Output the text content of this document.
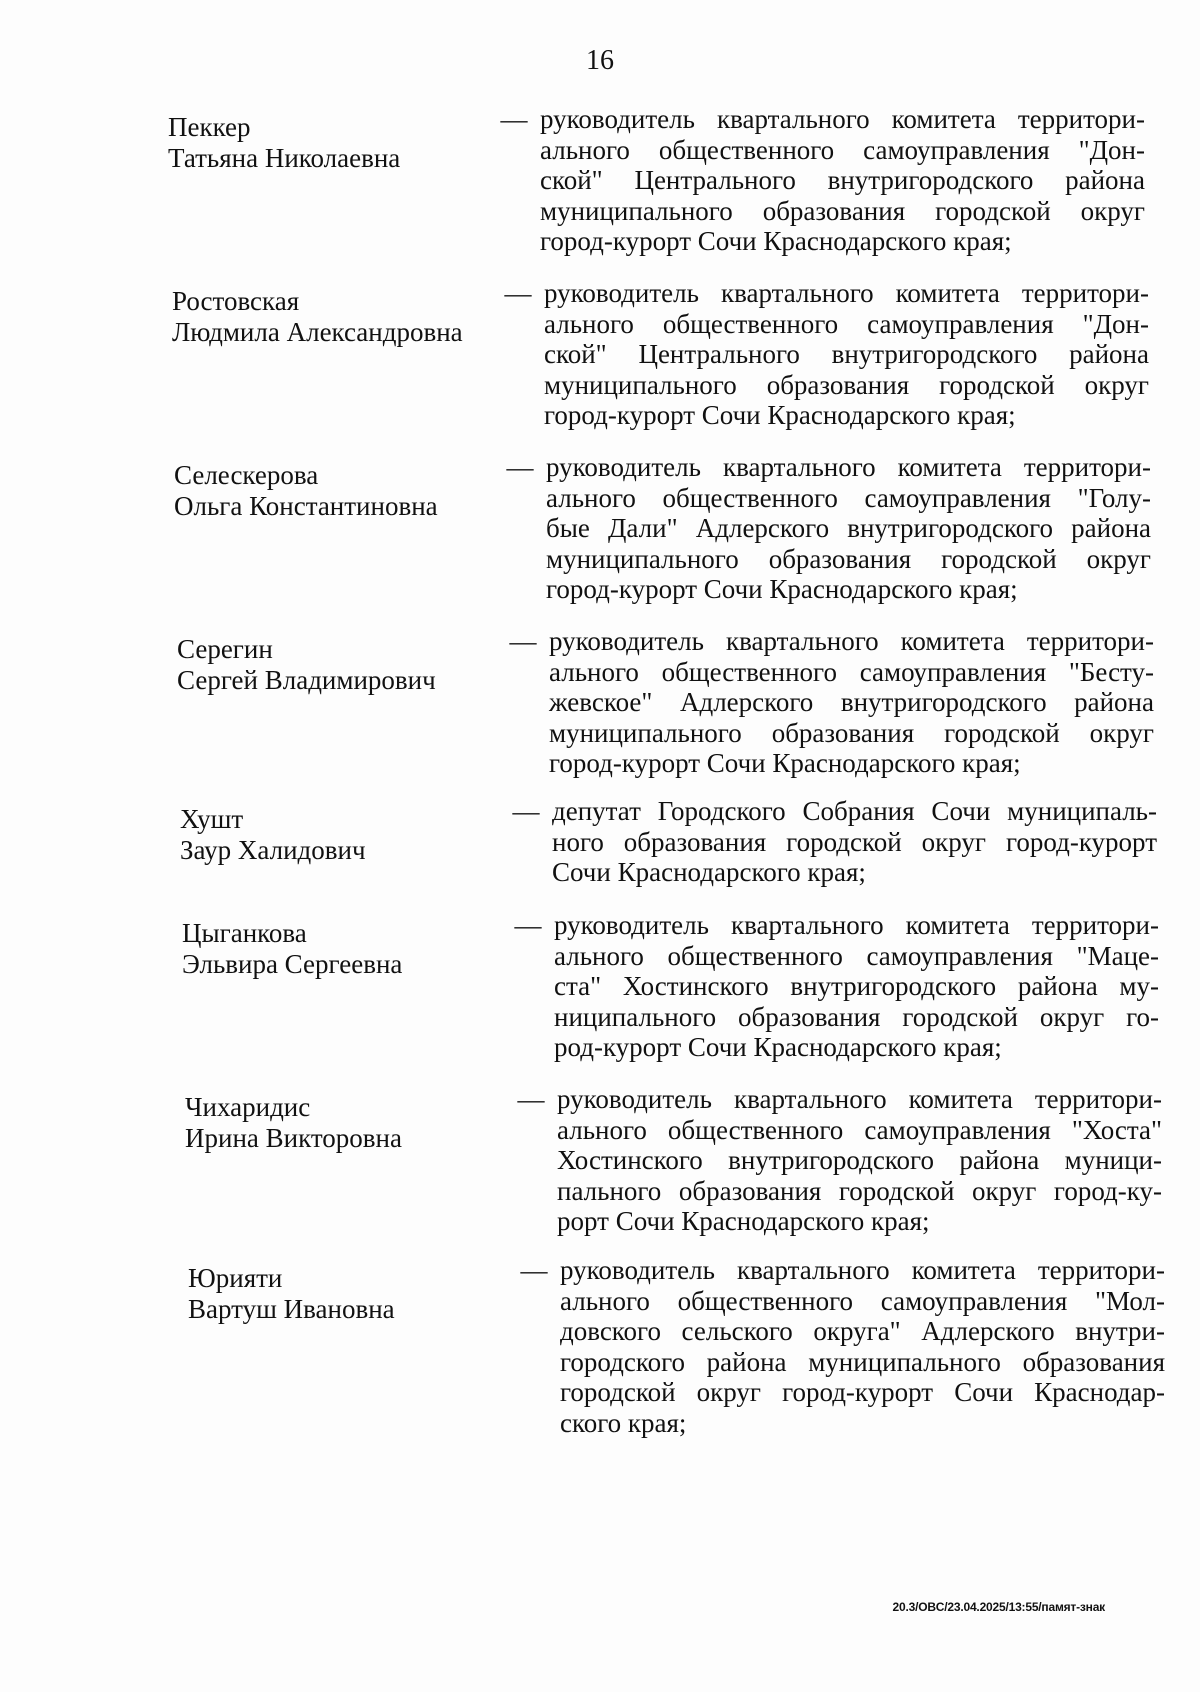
16
Пеккер
Татьяна Николаевна
— руководитель квартального комитета территори-
ального общественного самоуправления "Дон-
ской" Центрального внутригородского района
муниципального образования городской округ
город-курорт Сочи Краснодарского края;
Ростовская
Людмила Александровна
— руководитель квартального комитета территори-
ального общественного самоуправления "Дон-
ской" Центрального внутригородского района
муниципального образования городской округ
город-курорт Сочи Краснодарского края;
Селескерова
Ольга Константиновна
— руководитель квартального комитета территори-
ального общественного самоуправления "Голу-
бые Дали" Адлерского внутригородского района
муниципального образования городской округ
город-курорт Сочи Краснодарского края;
Серегин
Сергей Владимирович
— руководитель квартального комитета территори-
ального общественного самоуправления "Бесту-
жевское" Адлерского внутригородского района
муниципального образования городской округ
город-курорт Сочи Краснодарского края;
Хушт
Заур Халидович
— депутат Городского Собрания Сочи муниципаль-
ного образования городской округ город-курорт
Сочи Краснодарского края;
Цыганкова
Эльвира Сергеевна
— руководитель квартального комитета территори-
ального общественного самоуправления "Маце-
ста" Хостинского внутригородского района му-
ниципального образования городской округ го-
род-курорт Сочи Краснодарского края;
Чихаридис
Ирина Викторовна
— руководитель квартального комитета территори-
ального общественного самоуправления "Хоста"
Хостинского внутригородского района муници-
пального образования городской округ город-ку-
рорт Сочи Краснодарского края;
Юрияти
Вартуш Ивановна
— руководитель квартального комитета территори-
ального общественного самоуправления "Мол-
довского сельского округа" Адлерского внутри-
городского района муниципального образования
городской округ город-курорт Сочи Краснодар-
ского края;
20.3/OBC/23.04.2025/13:55/памят-знак
